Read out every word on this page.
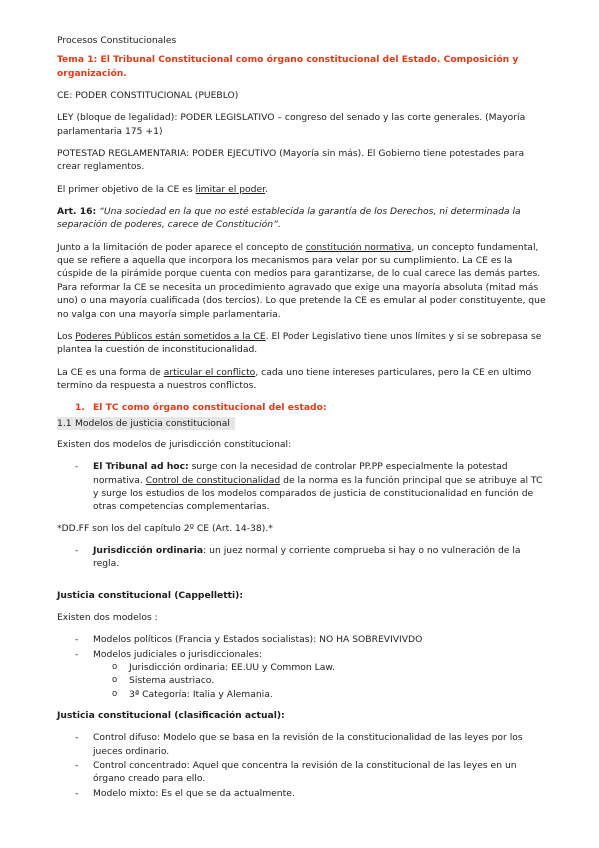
Procesos Constitucionales

Tema 1: El Tribunal Constitucional como órgano constitucional del Estado. Composición y organización.

CE: PODER CONSTITUCIONAL (PUEBLO)

LEY (bloque de legalidad): PODER LEGISLATIVO – congreso del senado y las corte generales. (Mayoría parlamentaria 175 +1)

POTESTAD REGLAMENTARIA: PODER EJECUTIVO (Mayoría sin más). El Gobierno tiene potestades para crear reglamentos.

El primer objetivo de la CE es limitar el poder.

Art. 16: “Una sociedad en la que no esté establecida la garantía de los Derechos, ni determinada la separación de poderes, carece de Constitución”.

Junto a la limitación de poder aparece el concepto de constitución normativa, un concepto fundamental, que se refiere a aquella que incorpora los mecanismos para velar por su cumplimiento. La CE es la cúspide de la pirámide porque cuenta con medios para garantizarse, de lo cual carece las demás partes. Para reformar la CE se necesita un procedimiento agravado que exige una mayoría absoluta (mitad más uno) o una mayoría cualificada (dos tercios). Lo que pretende la CE es emular al poder constituyente, que no valga con una mayoría simple parlamentaria.

Los Poderes Públicos están sometidos a la CE. El Poder Legislativo tiene unos límites y si se sobrepasa se plantea la cuestión de inconstitucionalidad.

La CE es una forma de articular el conflicto, cada uno tiene intereses particulares, pero la CE en ultimo termino da respuesta a nuestros conflictos.

1. El TC como órgano constitucional del estado:
1.1 Modelos de justicia constitucional

Existen dos modelos de jurisdicción constitucional:

- El Tribunal ad hoc: surge con la necesidad de controlar PP.PP especialmente la potestad normativa. Control de constitucionalidad de la norma es la función principal que se atribuye al TC y surge los estudios de los modelos comparados de justicia de constitucionalidad en función de otras competencias complementarias.

*DD.FF son los del capítulo 2º CE (Art. 14-38).*

- Jurisdicción ordinaria: un juez normal y corriente comprueba si hay o no vulneración de la regla.

Justicia constitucional (Cappelletti):

Existen dos modelos :

- Modelos políticos (Francia y Estados socialistas): NO HA SOBREVIVIVDO
- Modelos judiciales o jurisdiccionales:
o Jurisdicción ordinaria: EE.UU y Common Law.
o Sistema austriaco.
o 3ª Categoría: Italia y Alemania.

Justicia constitucional (clasificación actual):

- Control difuso: Modelo que se basa en la revisión de la constitucionalidad de las leyes por los jueces ordinario.
- Control concentrado: Aquel que concentra la revisión de la constitucional de las leyes en un órgano creado para ello.
- Modelo mixto: Es el que se da actualmente.
